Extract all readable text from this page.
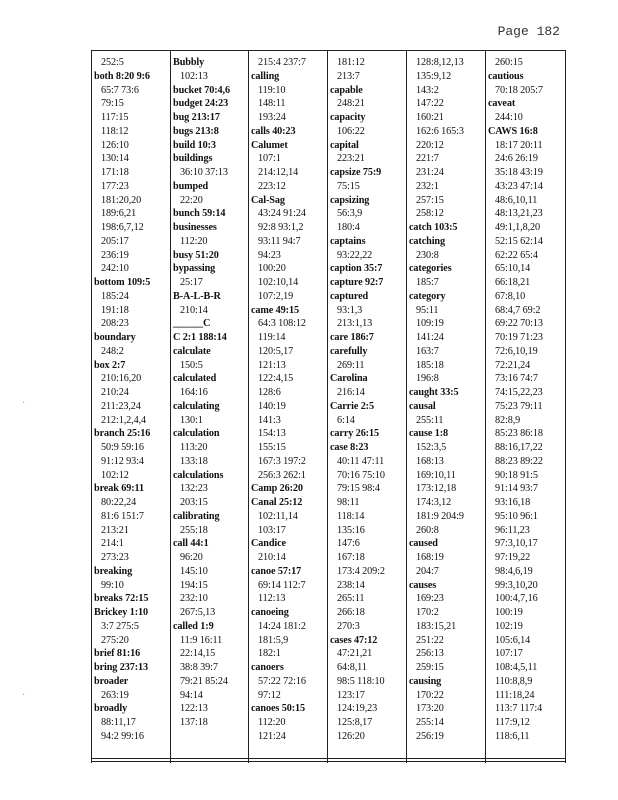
Page 182
252:5
both 8:20 9:6
65:7 73:6
79:15
117:15
118:12
126:10
130:14
171:18
177:23
181:20,20
189:6,21
198:6,7,12
205:17
236:19
242:10
bottom 109:5
185:24
191:18
208:23
boundary
248:2
box 2:7
210:16,20
210:24
211:23,24
212:1,2,4,4
branch 25:16
50:9 59:16
91:12 93:4
102:12
break 69:11
80:22,24
81:6 151:7
213:21
214:1
273:23
breaking
99:10
breaks 72:15
Brickey 1:10
3:7 275:5
275:20
brief 81:16
bring 237:13
broader
263:19
broadly
88:11,17
94:2 99:16
Bubbly
102:13
bucket 70:4,6
budget 24:23
bug 213:17
bugs 213:8
build 10:3
buildings
36:10 37:13
bumped
22:20
bunch 59:14
businesses
112:20
busy 51:20
bypassing
25:17
B-A-L-B-R
210:14
______C
C 2:1 188:14
calculate
150:5
calculated
164:16
calculating
130:1
calculation
113:20
133:18
calculations
132:23
203:15
calibrating
255:18
call 44:1
96:20
145:10
194:15
232:10
267:5,13
called 1:9
11:9 16:11
22:14,15
38:8 39:7
79:21 85:24
94:14
122:13
137:18
215:4 237:7
calling
119:10
148:11
193:24
calls 40:23
Calumet
107:1
214:12,14
223:12
Cal-Sag
43:24 91:24
92:8 93:1,2
93:11 94:7
94:23
100:20
102:10,14
107:2,19
came 49:15
64:3 108:12
119:14
120:5,17
121:13
122:4,15
128:6
140:19
141:3
154:13
155:15
167:3 197:2
256:3 262:1
Camp 26:20
Canal 25:12
102:11,14
103:17
Candice
210:14
canoe 57:17
69:14 112:7
112:13
canoeing
14:24 181:2
181:5,9
182:1
canoers
57:22 72:16
97:12
canoes 50:15
112:20
121:24
181:12
213:7
capable
248:21
capacity
106:22
capital
223:21
capsize 75:9
75:15
capsizing
56:3,9
180:4
captains
93:22,22
caption 35:7
capture 92:7
captured
93:1,3
213:1,13
care 186:7
carefully
269:11
Carolina
216:14
Carrie 2:5
6:14
carry 26:15
case 8:23
40:11 47:11
70:16 75:10
79:15 98:4
98:11
118:14
135:16
147:6
167:18
173:4 209:2
238:14
265:11
266:18
270:3
cases 47:12
47:21,21
64:8,11
98:5 118:10
123:17
124:19,23
125:8,17
126:20
128:8,12,13
135:9,12
143:2
147:22
160:21
162:6 165:3
220:12
221:7
231:24
232:1
257:15
258:12
catch 103:5
catching
230:8
categories
185:7
category
95:11
109:19
141:24
163:7
185:18
196:8
caught 33:5
causal
255:11
cause 1:8
152:3,5
168:13
169:10,11
173:12,18
174:3,12
181:9 204:9
260:8
caused
168:19
204:7
causes
169:23
170:2
183:15,21
251:22
256:13
259:15
causing
170:22
173:20
255:14
256:19
260:15
cautious
70:18 205:7
caveat
244:10
CAWS 16:8
18:17 20:11
24:6 26:19
35:18 43:19
43:23 47:14
48:6,10,11
48:13,21,23
49:1,1,8,20
52:15 62:14
62:22 65:4
65:10,14
66:18,21
67:8,10
68:4,7 69:2
69:22 70:13
70:19 71:23
72:6,10,19
72:21,24
73:16 74:7
74:15,22,23
75:23 79:11
82:8,9
85:23 86:18
88:16,17,22
88:23 89:22
90:18 91:5
91:14 93:7
93:16,18
95:10 96:1
96:11,23
97:3,10,17
97:19,22
98:4,6,19
99:3,10,20
100:4,7,16
100:19
102:19
105:6,14
107:17
108:4,5,11
110:8,8,9
111:18,24
113:7 117:4
117:9,12
118:6,11
·
·
